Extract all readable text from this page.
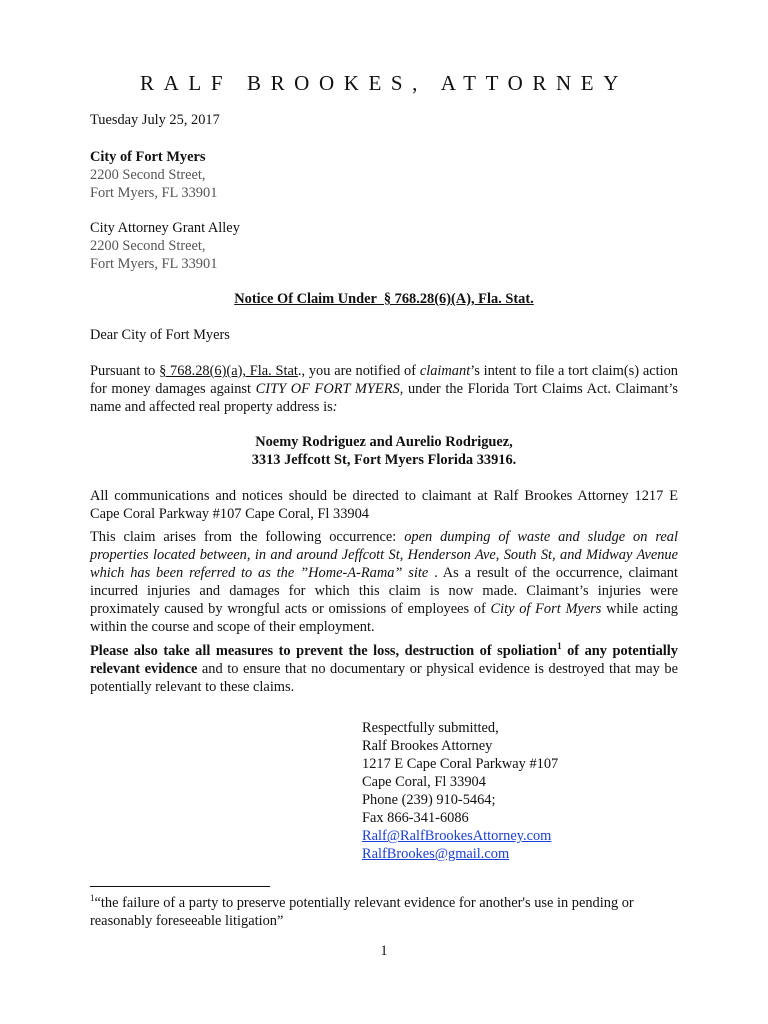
RALF BROOKES, ATTORNEY
Tuesday July 25, 2017
City of Fort Myers
2200 Second Street,
Fort Myers, FL 33901
City Attorney Grant Alley
2200 Second Street,
Fort Myers, FL 33901
Notice Of Claim Under  § 768.28(6)(A), Fla. Stat.
Dear City of Fort Myers
Pursuant to § 768.28(6)(a), Fla. Stat., you are notified of claimant’s intent to file a tort claim(s) action for money damages against CITY OF FORT MYERS, under the Florida Tort Claims Act. Claimant’s name and affected real property address is:
Noemy Rodriguez and Aurelio Rodriguez,
3313 Jeffcott St, Fort Myers Florida 33916.
All communications and notices should be directed to claimant at Ralf Brookes Attorney 1217 E Cape Coral Parkway #107 Cape Coral, Fl 33904
This claim arises from the following occurrence: open dumping of waste and sludge on real properties located between, in and around Jeffcott St, Henderson Ave, South St, and Midway Avenue which has been referred to as the ”Home-A-Rama” site . As a result of the occurrence, claimant incurred injuries and damages for which this claim is now made. Claimant’s injuries were proximately caused by wrongful acts or omissions of employees of City of Fort Myers while acting within the course and scope of their employment.
Please also take all measures to prevent the loss, destruction of spoliation$^1$ of any potentially relevant evidence and to ensure that no documentary or physical evidence is destroyed that may be potentially relevant to these claims.
Respectfully submitted,
Ralf Brookes Attorney
1217 E Cape Coral Parkway #107
Cape Coral, Fl 33904
Phone (239) 910-5464;
Fax 866-341-6086
Ralf@RalfBrookesAttorney.com
RalfBrookes@gmail.com
$^1$“the failure of a party to preserve potentially relevant evidence for another's use in pending or reasonably foreseeable litigation”
1
